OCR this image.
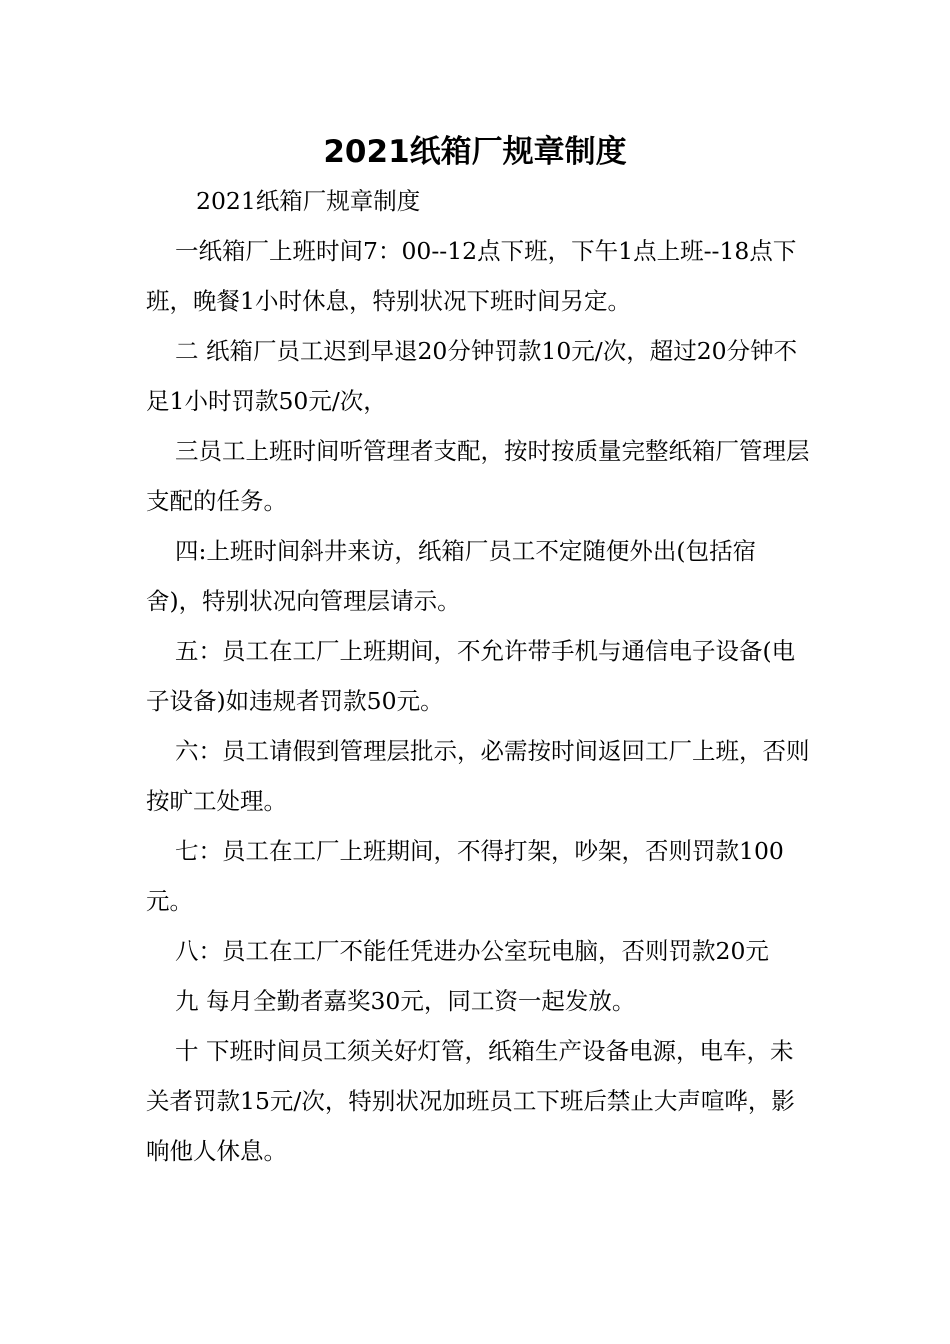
2021纸箱厂规章制度

2021纸箱厂规章制度

一纸箱厂上班时间7：00--12点下班，下午1点上班--18点下班，晚餐1小时休息，特别状况下班时间另定。

二 纸箱厂员工迟到早退20分钟罚款10元/次，超过20分钟不足1小时罚款50元/次，

三员工上班时间听管理者支配，按时按质量完整纸箱厂管理层支配的任务。

四:上班时间斜井来访，纸箱厂员工不定随便外出(包括宿舍)，特别状况向管理层请示。

五：员工在工厂上班期间，不允许带手机与通信电子设备(电子设备)如违规者罚款50元。

六：员工请假到管理层批示，必需按时间返回工厂上班，否则按旷工处理。

七：员工在工厂上班期间，不得打架，吵架，否则罚款100元。

八：员工在工厂不能任凭进办公室玩电脑，否则罚款20元

九 每月全勤者嘉奖30元，同工资一起发放。

十 下班时间员工须关好灯管，纸箱生产设备电源，电车，未关者罚款15元/次，特别状况加班员工下班后禁止大声喧哗，影响他人休息。
